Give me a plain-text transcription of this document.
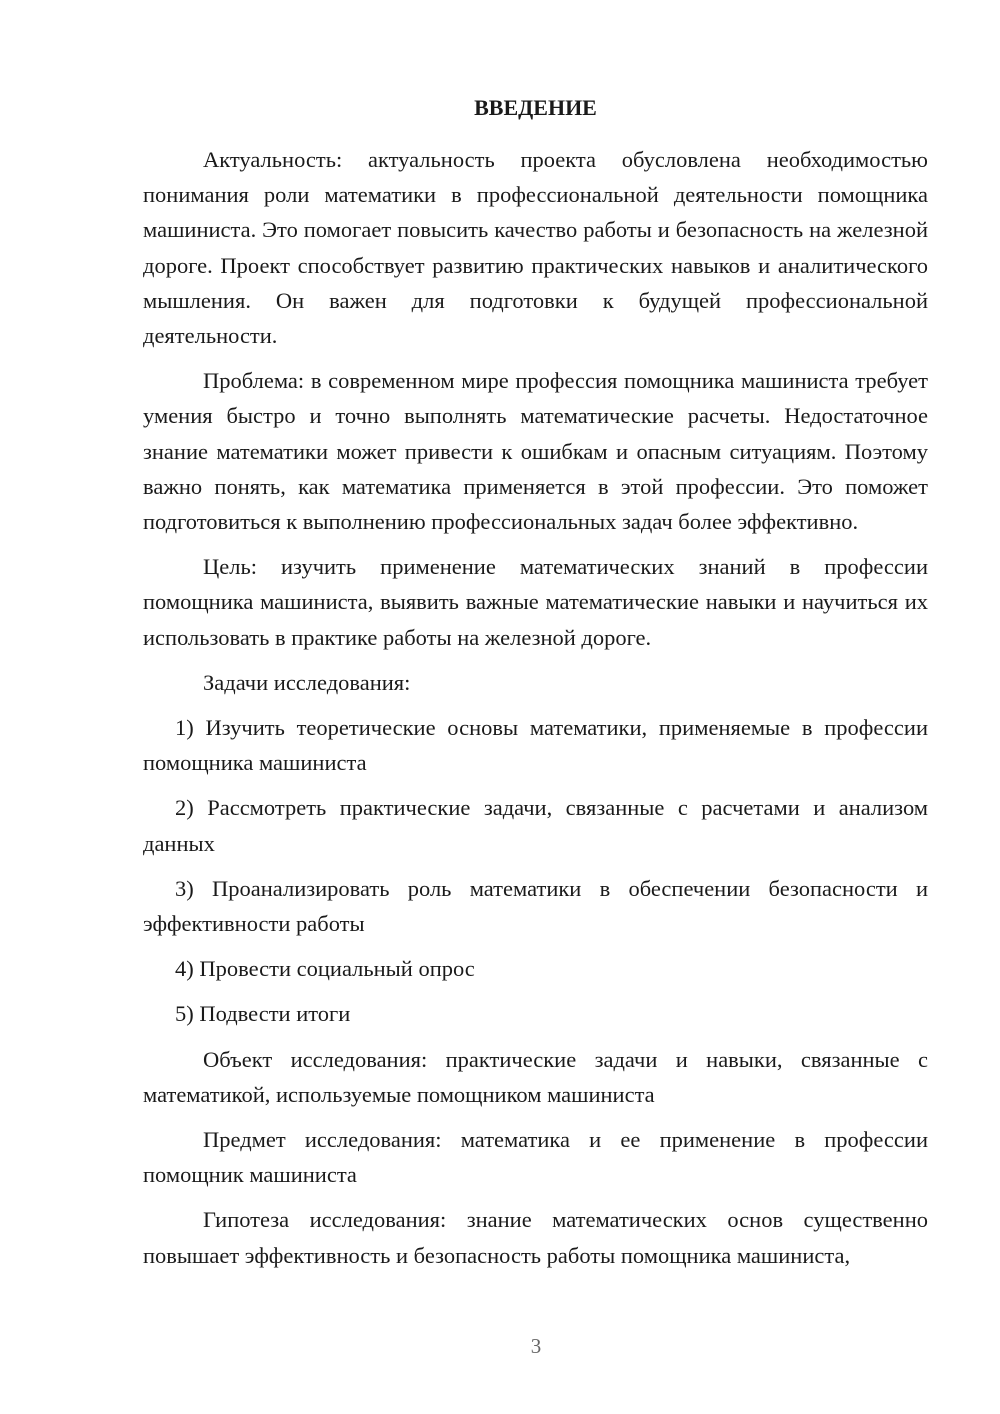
ВВЕДЕНИЕ

Актуальность: актуальность проекта обусловлена необходимостью понимания роли математики в профессиональной деятельности помощника машиниста. Это помогает повысить качество работы и безопасность на железной дороге. Проект способствует развитию практических навыков и аналитического мышления. Он важен для подготовки к будущей профессиональной деятельности.

Проблема: в современном мире профессия помощника машиниста требует умения быстро и точно выполнять математические расчеты. Недостаточное знание математики может привести к ошибкам и опасным ситуациям. Поэтому важно понять, как математика применяется в этой профессии. Это поможет подготовиться к выполнению профессиональных задач более эффективно.

Цель: изучить применение математических знаний в профессии помощника машиниста, выявить важные математические навыки и научиться их использовать в практике работы на железной дороге.

Задачи исследования:

1) Изучить теоретические основы математики, применяемые в профессии помощника машиниста

2) Рассмотреть практические задачи, связанные с расчетами и анализом данных

3) Проанализировать роль математики в обеспечении безопасности и эффективности работы

4) Провести социальный опрос

5) Подвести итоги

Объект исследования: практические задачи и навыки, связанные с математикой, используемые помощником машиниста

Предмет исследования: математика и ее применение в профессии помощник машиниста

Гипотеза исследования: знание математических основ существенно повышает эффективность и безопасность работы помощника машиниста,

3
